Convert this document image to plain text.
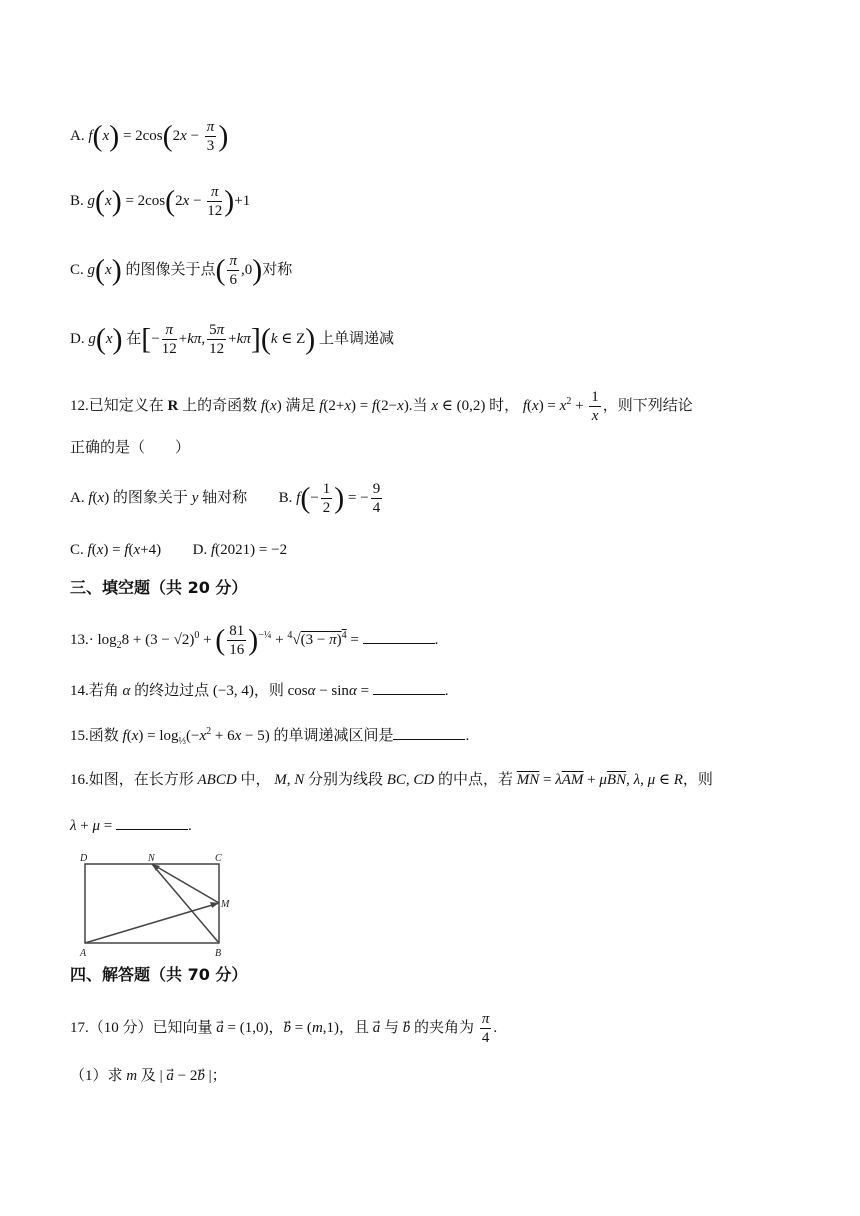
A. $f(x) = 2\cos(2x - \frac{\pi}{3}$ )
B. $g(x) = 2\cos(2x - \frac{\pi}{12} )+1$
C. g(x) 的图像关于点( $\frac{\pi}{6} ,0$)对称
D. g(x) 在[− $\frac{\pi}{12} +k\pi$, $\frac{5\pi}{12} +k\pi](k$ ∈ Z) 上单调递减
12.已知定义在 R 上的奇函数 f(x) 满足 f(2+x) = f(2−x).当 x ∈ (0,2) 时， $f(x) = x^2 + \frac{1}{x}$ ，则下列结论
正确的是（　　）
A. f(x) 的图象关于 y 轴对称  B. $f(- \frac{1}{2}$ ) = − $\frac{9}{4}$
C. f(x) = f(x+4)  D. f(2021) = −2
三、填空题（共 20 分）
$13.\cdot \log_28 + (3 - √2)^0$ + ( $\frac{81}{16} )^{-\frac{1}{4}} + ^4√(3 - \pi)^4$ =	.
14.若角 α 的终边过点 (−3, 4)，则 cosα − sinα =	.
15.函数 $f(x) = \log_{\frac{1}{3}}(-x^2 + 6x - 5)$ 的单调递减区间是	.
16.如图，在长方形 ABCD 中， M, N 分别为线段 BC, CD 的中点，若 $\overline{MN} = \lambda\overline{AM} + \mu\overline{BN}$, λ, μ ∈ R，则
λ + μ =	.
D	N	C
M
A	B
四、解答题（共 70 分）
17.（10 分）已知向量 a⃗ = (1,0)，b⃗ = (m,1)，且 a⃗ 与 b⃗ 的夹角为 $\frac{\pi}{4}$ .
（1）求 m 及 | a⃗ − 2b⃗ |；
